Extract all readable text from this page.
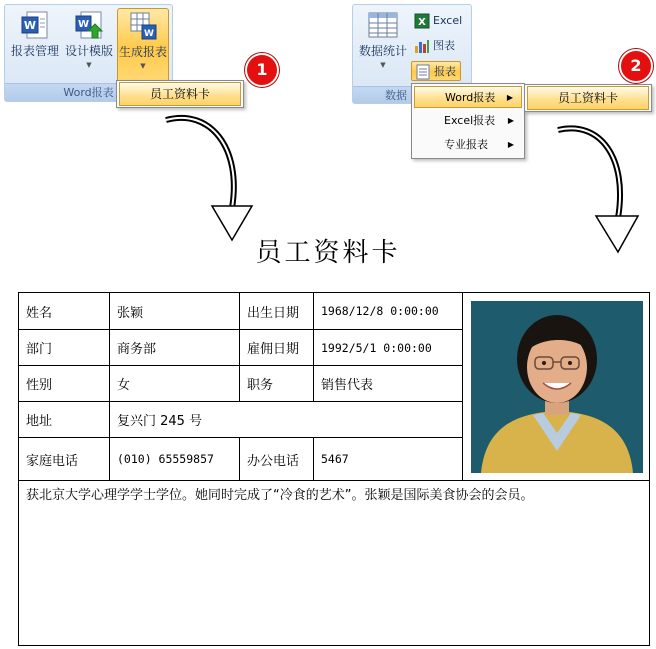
W
报表管理
W
设计模版
▼
W
生成报表
▼
Word报表	员工资料卡
1
数据统计
▼
X Excel
图表
报表
数据	Word报表 ▶
Excel报表 ▶
专业报表 ▶
员工资料卡
2
员工资料卡
姓名	张颖	出生日期	1968/12/8 0:00:00
部门	商务部	雇佣日期	1992/5/1 0:00:00
性别	女	职务	销售代表
地址	复兴门 245 号
家庭电话	(010) 65559857	办公电话	5467
获北京大学心理学学士学位。她同时完成了“冷食的艺术”。张颖是国际美食协会的会员。
